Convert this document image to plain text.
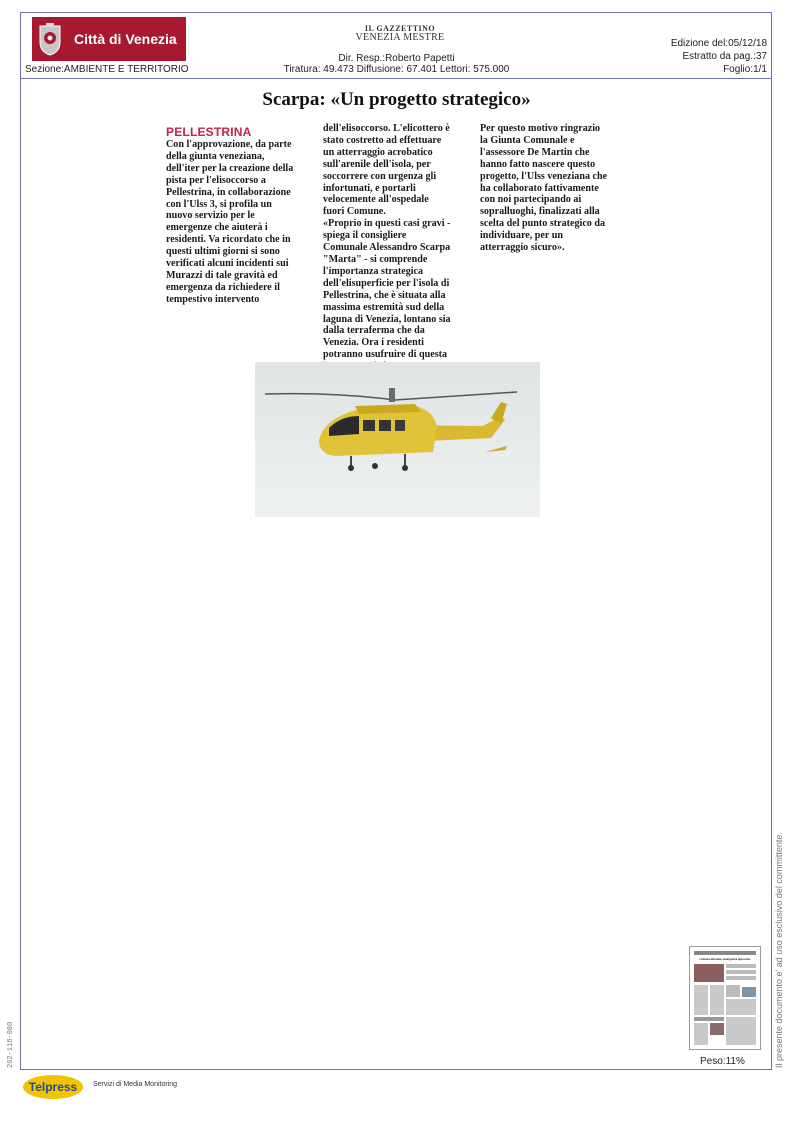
Città di Venezia
Sezione:AMBIENTE E TERRITORIO
IL GAZZETTINO
VENEZIA MESTRE
Dir. Resp.:Roberto Papetti
Tiratura: 49.473 Diffusione: 67.401 Lettori: 575.000
Edizione del:05/12/18
Estratto da pag.:37
Foglio:1/1
Scarpa: «Un progetto strategico»
PELLESTRINA
Con l'approvazione, da parte
della giunta veneziana,
dell'iter per la creazione della
pista per l'elisoccorso a
Pellestrina, in collaborazione
con l'Ulss 3, si profila un
nuovo servizio per le
emergenze che aiuterà i
residenti. Va ricordato che in
questi ultimi giorni si sono
verificati alcuni incidenti sui
Murazzi di tale gravità ed
emergenza da richiedere il
tempestivo intervento
dell'elisoccorso. L'elicottero è
stato costretto ad effettuare
un atterraggio acrobatico
sull'arenile dell'isola, per
soccorrere con urgenza gli
infortunati, e portarli
velocemente all'ospedale
fuori Comune.
«Proprio in questi casi gravi -
spiega il consigliere
Comunale Alessandro Scarpa
"Marta" - si comprende
l'importanza strategica
dell'elisuperficie per l'isola di
Pellestrina, che è situata alla
massima estremità sud della
laguna di Venezia, lontano sia
dalla terraferma che da
Venezia. Ora i residenti
potranno usufruire di questa
Per questo motivo ringrazio
la Giunta Comunale e
l'assessore De Martin che
hanno fatto nascere questo
progetto, l'Ulss veneziana che
ha collaborato fattivamente
con noi partecipando ai
sopralluoghi, finalizzati alla
scelta del punto strategico da
individuare, per un
atterraggio sicuro».
«Vencia affonda, emergenze ignorate»
Peso:11%	Il presente documento e' ad uso esclusivo del committente.
262-116-080
Telpress Servizi di Media Monitoring
